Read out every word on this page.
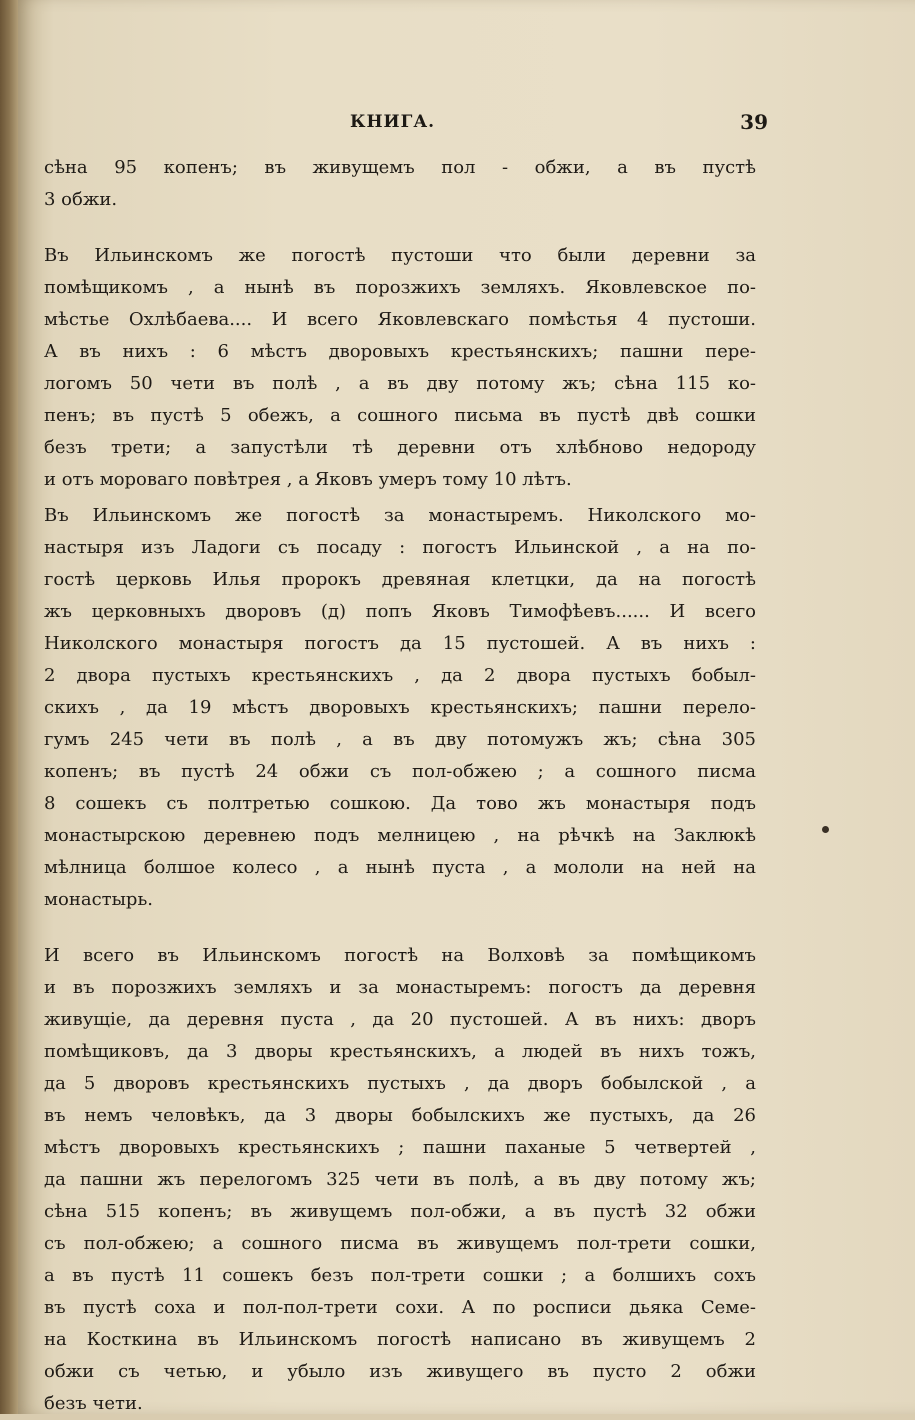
КНИГА.	39
сѣна 95 копенъ; въ живущемъ пол - обжи, а въ пустѣ
3 обжи.
Въ Ильинскомъ же погостѣ пустоши что были деревни за
помѣщикомъ , а нынѣ въ порозжихъ земляхъ. Яковлевское по-
мѣстье Охлѣбаева.... И всего Яковлевскаго помѣстья 4 пустоши.
А въ нихъ : 6 мѣстъ дворовыхъ крестьянскихъ; пашни пере-
логомъ 50 чети въ полѣ , а въ дву потому жъ; сѣна 115 ко-
пенъ; въ пустѣ 5 обежъ, а сошного письма въ пустѣ двѣ сошки
безъ трети; а запустѣли тѣ деревни отъ хлѣбново недороду
и отъ мороваго повѣтрея , а Яковъ умеръ тому 10 лѣтъ.
Въ Ильинскомъ же погостѣ за монастыремъ. Николского мо-
настыря изъ Ладоги съ посаду : погостъ Ильинской , а на по-
гостѣ церковь Илья пророкъ древяная клетцки, да на погостѣ
жъ церковныхъ дворовъ (д) попъ Яковъ Тимофѣевъ...... И всего
Николского монастыря погостъ да 15 пустошей. А въ нихъ :
2 двора пустыхъ крестьянскихъ , да 2 двора пустыхъ бобыл-
скихъ , да 19 мѣстъ дворовыхъ крестьянскихъ; пашни перело-
гумъ 245 чети въ полѣ , а въ дву потомужъ жъ; сѣна 305
копенъ; въ пустѣ 24 обжи съ пол-обжею ; а сошного писма
8 сошекъ съ полтретью сошкою. Да тово жъ монастыря подъ
монастырскою деревнею подъ мелницею , на рѣчкѣ на Заклюкѣ
мѣлница болшое колесо , а нынѣ пуста , а мололи на ней на
монастырь.
И всего въ Ильинскомъ погостѣ на Волховѣ за помѣщикомъ
и въ порозжихъ земляхъ и за монастыремъ: погостъ да деревня
живущіе, да деревня пуста , да 20 пустошей. А въ нихъ: дворъ
помѣщиковъ, да 3 дворы крестьянскихъ, а людей въ нихъ тожъ,
да 5 дворовъ крестьянскихъ пустыхъ , да дворъ бобылской , а
въ немъ человѣкъ, да 3 дворы бобылскихъ же пустыхъ, да 26
мѣстъ дворовыхъ крестьянскихъ ; пашни паханые 5 четвертей ,
да пашни жъ перелогомъ 325 чети въ полѣ, а въ дву потому жъ;
сѣна 515 копенъ; въ живущемъ пол-обжи, а въ пустѣ 32 обжи
съ пол-обжею; а сошного писма въ живущемъ пол-трети сошки,
а въ пустѣ 11 сошекъ безъ пол-трети сошки ; а болшихъ сохъ
въ пустѣ соха и пол-пол-трети сохи. А по росписи дьяка Семе-
на Косткина въ Ильинскомъ погостѣ написано въ живущемъ 2
обжи съ четью, и убыло изъ живущего въ пусто 2 обжи
безъ чети.
